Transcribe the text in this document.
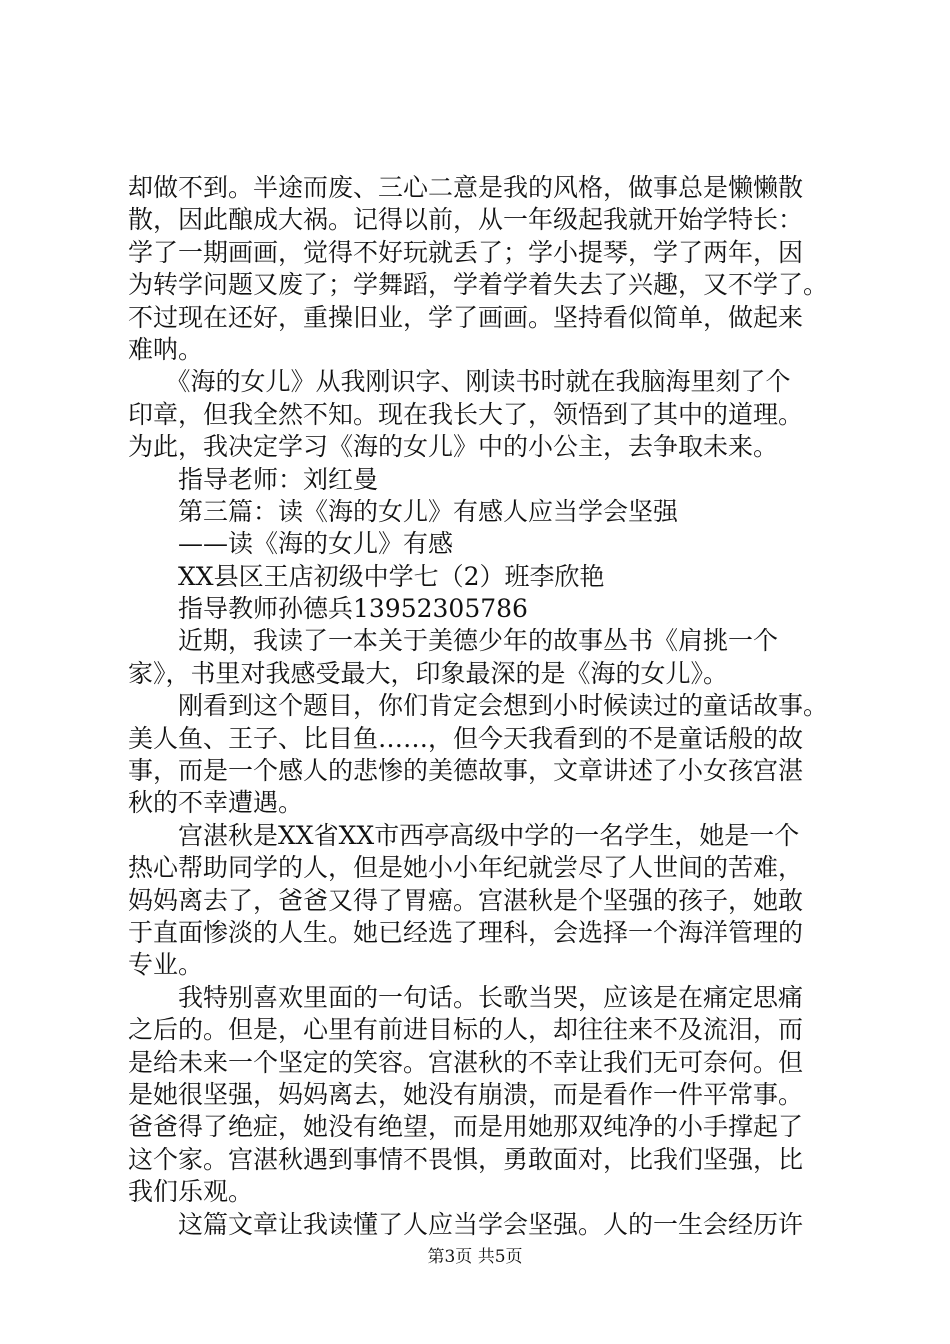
却做不到。半途而废、三心二意是我的风格，做事总是懒懒散
散，因此酿成大祸。记得以前，从一年级起我就开始学特长：
学了一期画画，觉得不好玩就丢了；学小提琴，学了两年，因
为转学问题又废了；学舞蹈，学着学着失去了兴趣，又不学了。
不过现在还好，重操旧业，学了画画。坚持看似简单，做起来
难呐。
　　《海的女儿》从我刚识字、刚读书时就在我脑海里刻了个
印章，但我全然不知。现在我长大了，领悟到了其中的道理。
为此，我决定学习《海的女儿》中的小公主，去争取未来。
　　指导老师：刘红曼
　　第三篇：读《海的女儿》有感人应当学会坚强
　　——读《海的女儿》有感
　　XX县区王店初级中学七（2）班李欣艳
　　指导教师孙德兵13952305786
　　近期，我读了一本关于美德少年的故事丛书《肩挑一个
家》，书里对我感受最大，印象最深的是《海的女儿》。
　　刚看到这个题目，你们肯定会想到小时候读过的童话故事。
美人鱼、王子、比目鱼……，但今天我看到的不是童话般的故
事，而是一个感人的悲惨的美德故事，文章讲述了小女孩宫湛
秋的不幸遭遇。
　　宫湛秋是XX省XX市西亭高级中学的一名学生，她是一个
热心帮助同学的人，但是她小小年纪就尝尽了人世间的苦难，
妈妈离去了，爸爸又得了胃癌。宫湛秋是个坚强的孩子，她敢
于直面惨淡的人生。她已经选了理科，会选择一个海洋管理的
专业。
　　我特别喜欢里面的一句话。长歌当哭，应该是在痛定思痛
之后的。但是，心里有前进目标的人，却往往来不及流泪，而
是给未来一个坚定的笑容。宫湛秋的不幸让我们无可奈何。但
是她很坚强，妈妈离去，她没有崩溃，而是看作一件平常事。
爸爸得了绝症，她没有绝望，而是用她那双纯净的小手撑起了
这个家。宫湛秋遇到事情不畏惧，勇敢面对，比我们坚强，比
我们乐观。
　　这篇文章让我读懂了人应当学会坚强。人的一生会经历许
第3页 共5页
